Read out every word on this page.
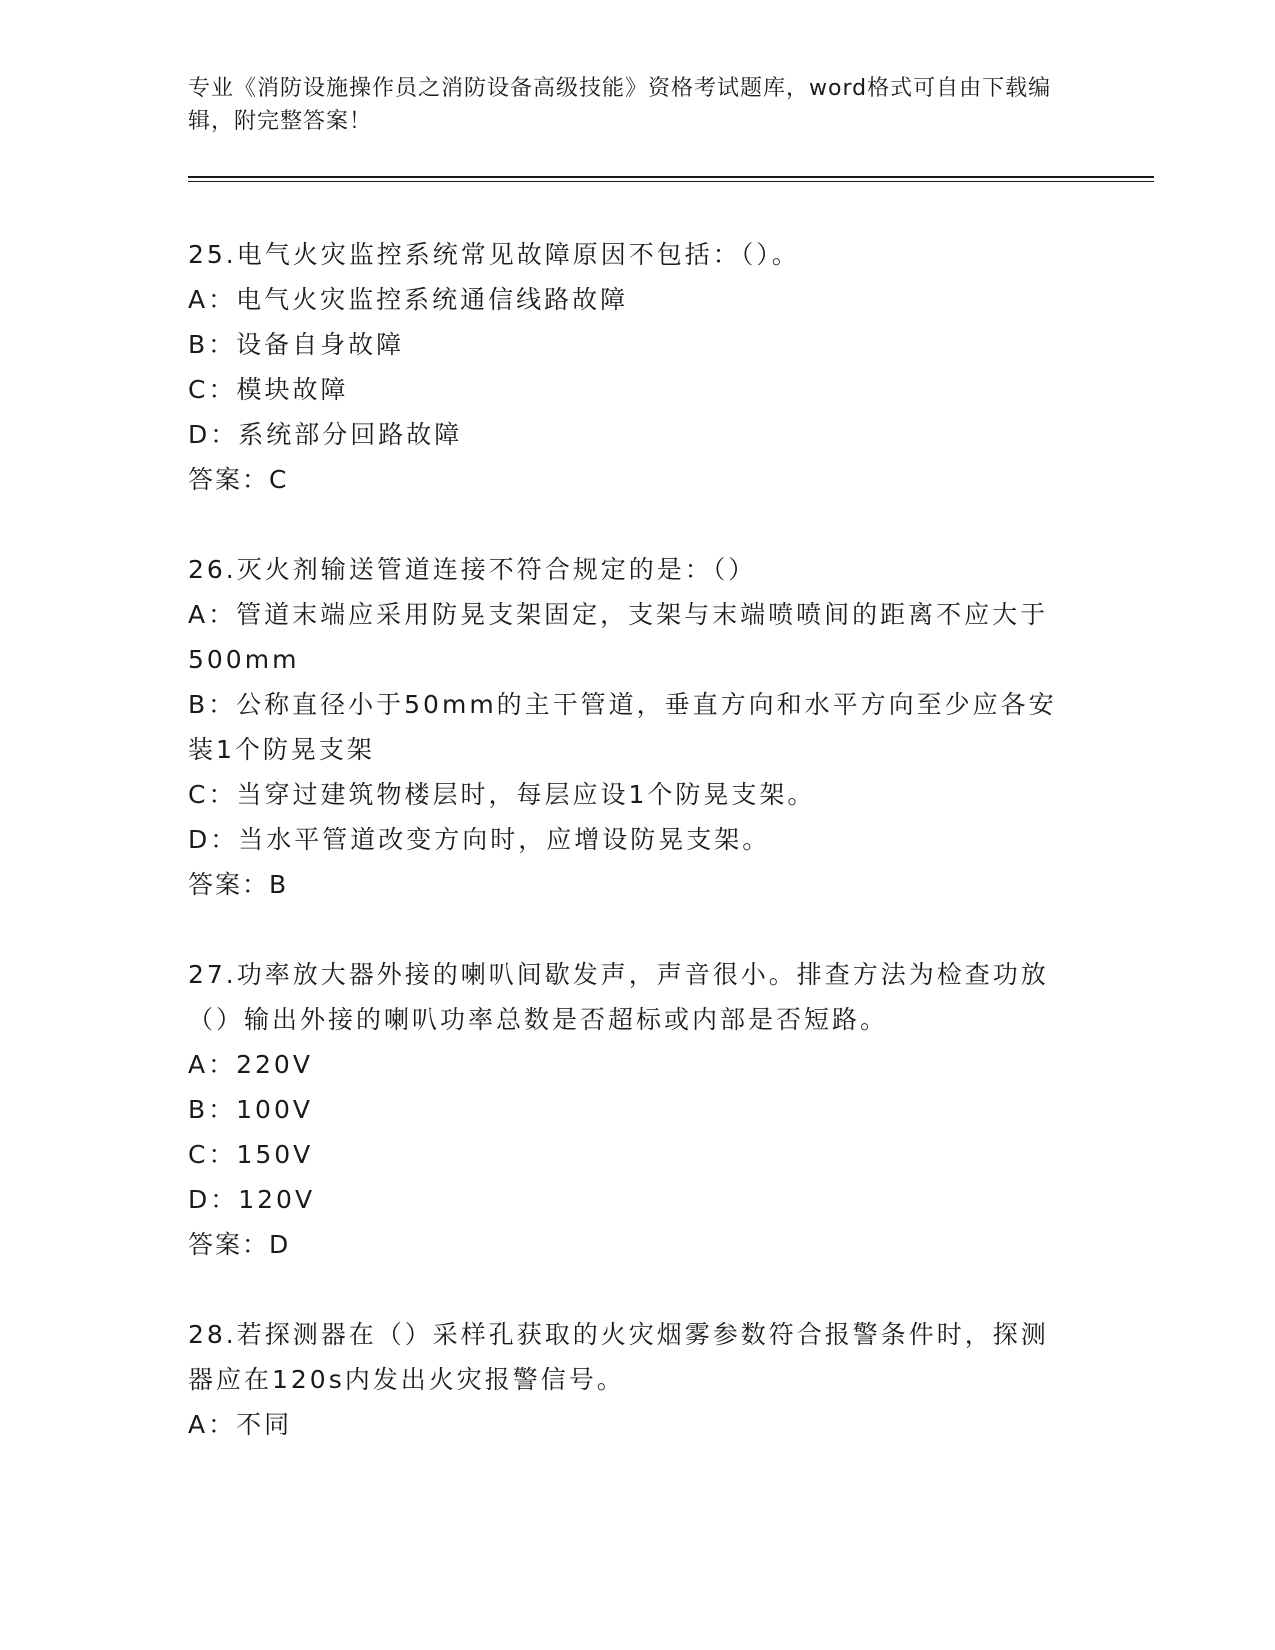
专业《消防设施操作员之消防设备高级技能》资格考试题库，word格式可自由下载编辑，附完整答案！

25.电气火灾监控系统常见故障原因不包括：（）。

A：电气火灾监控系统通信线路故障

B：设备自身故障

C：模块故障

D：系统部分回路故障

答案：C

26.灭火剂输送管道连接不符合规定的是：（）

A：管道末端应采用防晃支架固定，支架与末端喷喷间的距离不应大于500mm

B：公称直径小于50mm的主干管道，垂直方向和水平方向至少应各安装1个防晃支架

C：当穿过建筑物楼层时，每层应设1个防晃支架。

D：当水平管道改变方向时，应增设防晃支架。

答案：B

27.功率放大器外接的喇叭间歇发声，声音很小。排查方法为检查功放（）输出外接的喇叭功率总数是否超标或内部是否短路。

A：220V

B：100V

C：150V

D：120V

答案：D

28.若探测器在（）采样孔获取的火灾烟雾参数符合报警条件时，探测器应在120s内发出火灾报警信号。

A：不同
